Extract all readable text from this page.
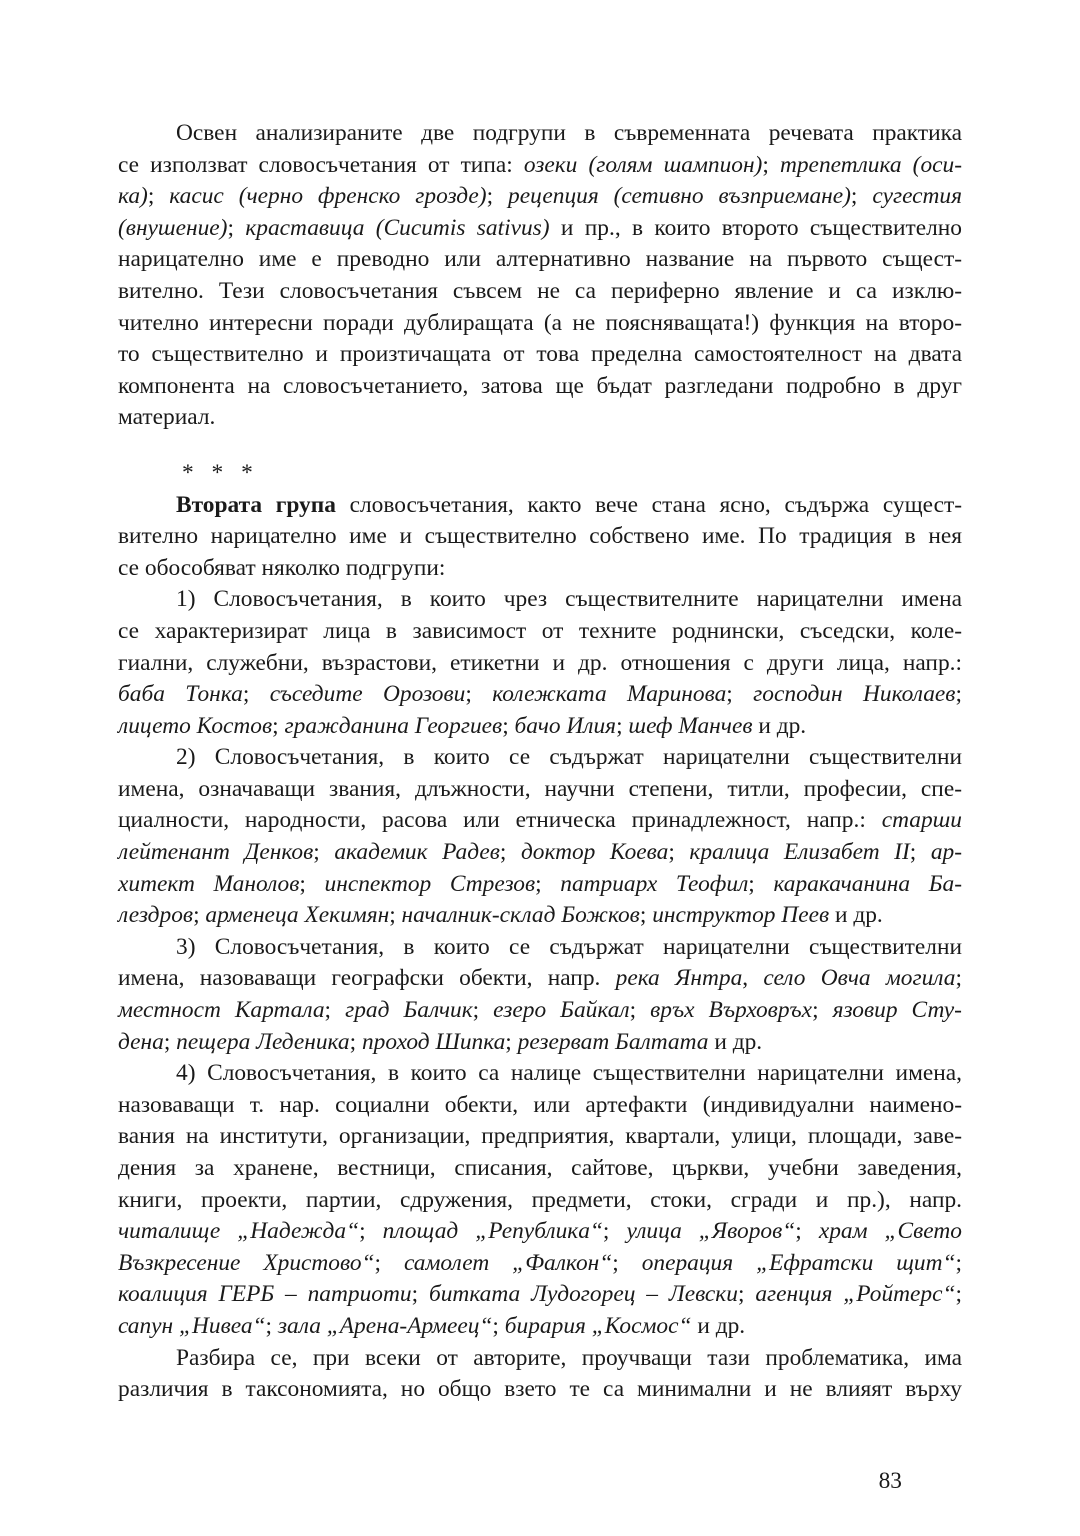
Освен анализираните две подгрупи в съвременната речевата практика
се използват словосъчетания от типа: озеки (голям шампион); трепетлика (оси-
ка); касис (черно френско грозде); рецепция (сетивно възприемане); сугестия
(внушение); краставица (Cucumis sativus) и пр., в които второто съществително
нарицателно име е преводно или алтернативно название на първото същест-
вително. Тези словосъчетания съвсем не са периферно явление и са изклю-
чително интересни поради дублиращата (а не поясняващата!) функция на второ-
то съществително и произтичащата от това пределна самостоятелност на двата
компонента на словосъчетанието, затова ще бъдат разгледани подробно в друг
материал.
* * *
Втората група словосъчетания, както вече стана ясно, съдържа сущест-
вително нарицателно име и съществително собствено име. По традиция в нея
се обособяват няколко подгрупи:
1) Словосъчетания, в които чрез съществителните нарицателни имена
се характеризират лица в зависимост от техните роднински, съседски, коле-
гиални, служебни, възрастови, етикетни и др. отношения с други лица, напр.:
баба Тонка; съседите Орозови; колежката Маринова; господин Николаев;
лицето Костов; гражданина Георгиев; бачо Илия; шеф Манчев и др.
2) Словосъчетания, в които се съдържат нарицателни съществителни
имена, означаващи звания, длъжности, научни степени, титли, професии, спе-
циалности, народности, расова или етническа принадлежност, напр.: старши
лейтенант Денков; академик Радев; доктор Коева; кралица Елизабет II; ар-
хитект Манолов; инспектор Стрезов; патриарх Теофил; каракачанина Ба-
лездров; арменеца Хекимян; началник-склад Божков; инструктор Пеев и др.
3) Словосъчетания, в които се съдържат нарицателни съществителни
имена, назоваващи географски обекти, напр. река Янтра, село Овча могила;
местност Картала; град Балчик; езеро Байкал; връх Върховръх; язовир Сту-
дена; пещера Леденика; проход Шипка; резерват Балтата и др.
4) Словосъчетания, в които са налице съществителни нарицателни имена,
назоваващи т. нар. социални обекти, или артефакти (индивидуални наимено-
вания на институти, организации, предприятия, квартали, улици, площади, заве-
дения за хранене, вестници, списания, сайтове, църкви, учебни заведения,
книги, проекти, партии, сдружения, предмети, стоки, сгради и пр.), напр.
читалище „Надежда“; площад „Републикa“; улица „Яворов“; храм „Свето
Възкресение Христово“; самолет „Фалкон“; операция „Ефратски щит“;
коалиция ГЕРБ – патриоти; битката Лудогорец – Левски; агенция „Ройтерс“;
сапун „Нивеа“; зала „Арена-Армеец“; бирария „Космос“ и др.
Разбира се, при всеки от авторите, проучващи тази проблематика, има
различия в таксономията, но общо взето те са минимални и не влияят върху
83
